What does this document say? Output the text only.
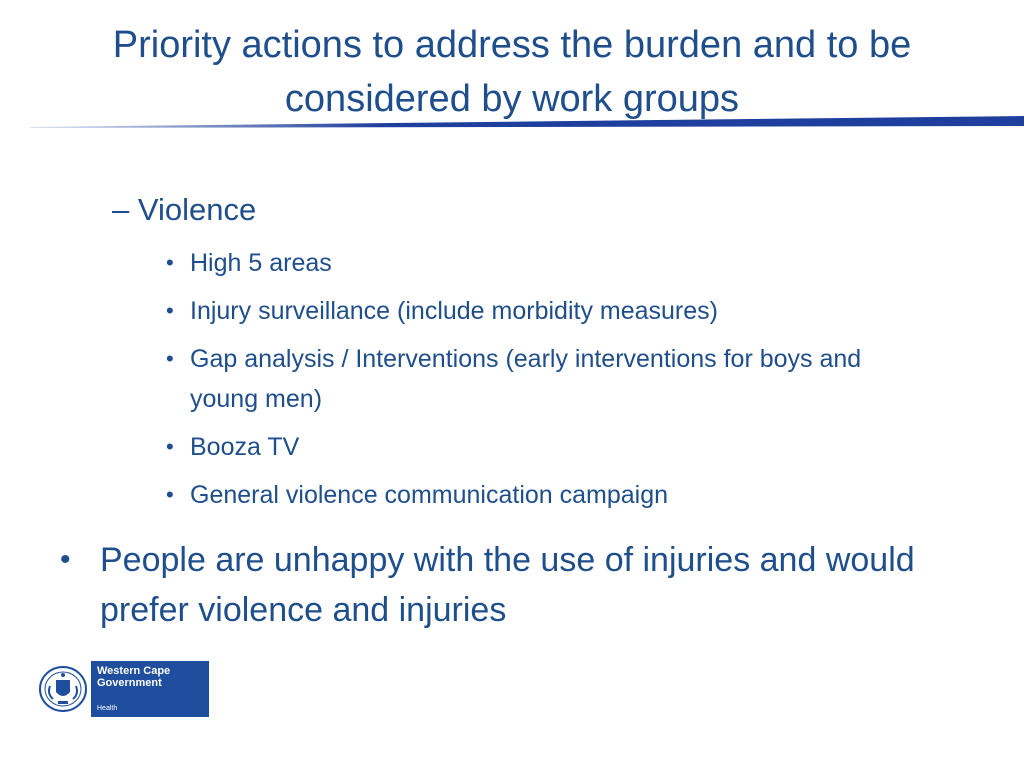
Priority actions to address the burden and to be considered by work groups
– Violence
• High 5 areas
• Injury surveillance (include morbidity measures)
• Gap analysis / Interventions (early interventions for boys and young men)
• Booza TV
• General violence communication campaign
• People are unhappy with the use of injuries and would prefer violence and injuries
Western Cape
Government
Health
